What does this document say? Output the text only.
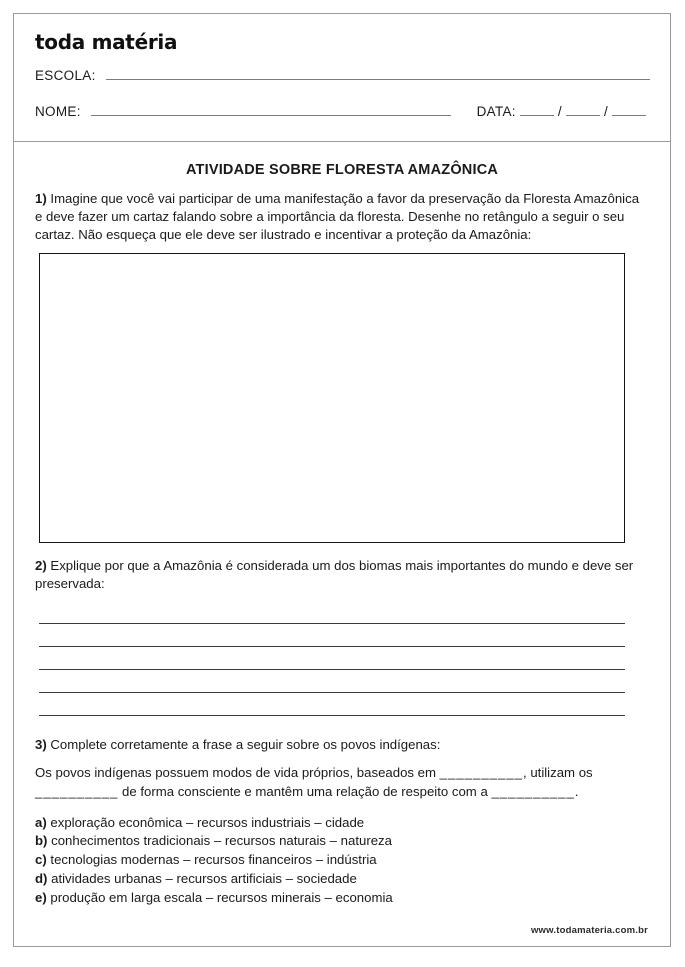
toda matéria
ESCOLA:
NOME:	DATA:	/	/
ATIVIDADE SOBRE FLORESTA AMAZÔNICA

1) Imagine que você vai participar de uma manifestação a favor da preservação da Floresta Amazônica e deve fazer um cartaz falando sobre a importância da floresta. Desenhe no retângulo a seguir o seu cartaz. Não esqueça que ele deve ser ilustrado e incentivar a proteção da Amazônia:

2) Explique por que a Amazônia é considerada um dos biomas mais importantes do mundo e deve ser preservada:

3) Complete corretamente a frase a seguir sobre os povos indígenas:

Os povos indígenas possuem modos de vida próprios, baseados em __________, utilizam os __________ de forma consciente e mantêm uma relação de respeito com a __________.
a) exploração econômica – recursos industriais – cidade
b) conhecimentos tradicionais – recursos naturais – natureza
c) tecnologias modernas – recursos financeiros – indústria
d) atividades urbanas – recursos artificiais – sociedade
e) produção em larga escala – recursos minerais – economia
www.todamateria.com.br
